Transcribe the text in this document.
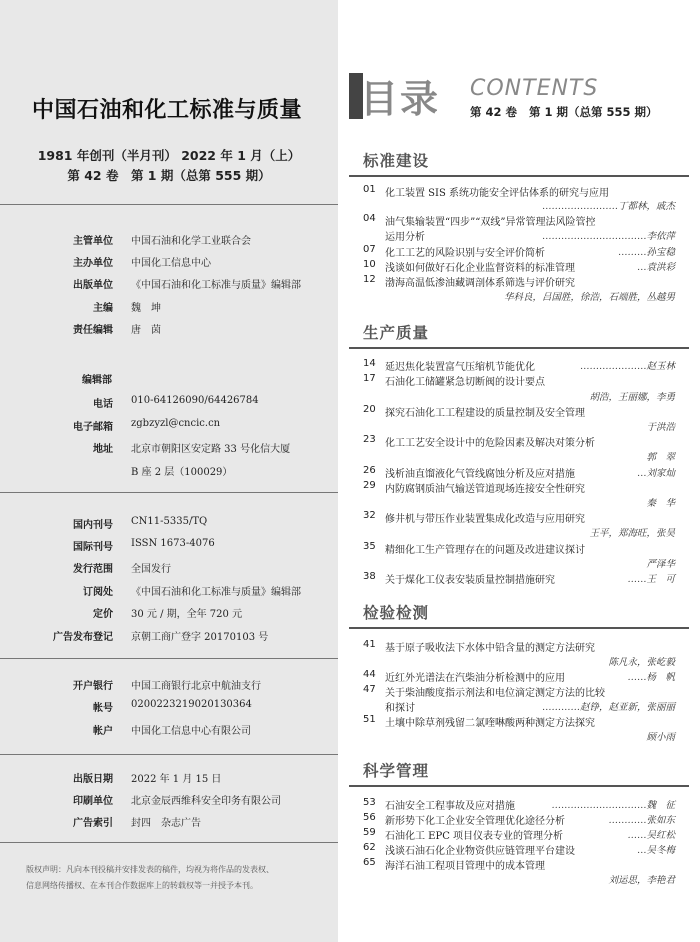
中国石油和化工标准与质量
1981 年创刊（半月刊） 2022 年 1 月（上）
第 42 卷　第 1 期（总第 555 期）
主管单位 中国石油和化学工业联合会
主办单位 中国化工信息中心
出版单位 《中国石油和化工标准与质量》编辑部
主编 魏　坤
责任编辑 唐　茵
编辑部
电话 010-64126090/64426784
电子邮箱 zgbzyzl@cncic.cn
地址 北京市朝阳区安定路 33 号化信大厦
B 座 2 层（100029）
国内刊号 CN11-5335/TQ
国际刊号 ISSN 1673-4076
发行范围 全国发行
订阅处 《中国石油和化工标准与质量》编辑部
定价 30 元 / 期，全年 720 元
广告发布登记 京朝工商广登字 20170103 号
开户银行 中国工商银行北京中航油支行
帐号 0200223219020130364
帐户 中国化工信息中心有限公司
出版日期 2022 年 1 月 15 日
印刷单位 北京金辰西维科安全印务有限公司
广告索引 封四　杂志广告
版权声明：凡向本刊投稿并安排发表的稿件，均视为将作品的发表权、
信息网络传播权、在本刊合作数据库上的转载权等一并授予本刊。
目录 CONTENTS
第 42 卷 第 1 期（总第 555 期）
标准建设
01 化工装置 SIS 系统功能安全评估体系的研究与应用
……………………丁都林，戚杰
04 油气集输装置“四步”“双线”异常管理法风险管控
运用分析	……………………………李依萍
07 化工工艺的风险识别与安全评价简析	………孙宝稳
10 浅谈如何做好石化企业监督资料的标准管理	…袁洪彩
12 渤海高温低渗油藏调剖体系筛选与评价研究
华科良，吕国胜，徐浩，石端胜，丛越男
生产质量
14 延迟焦化装置富气压缩机节能优化	…………………赵玉林
17 石油化工储罐紧急切断阀的设计要点
胡浩，王丽娜，李勇
20 探究石油化工工程建设的质量控制及安全管理
于洪浩
23 化工工艺安全设计中的危险因素及解决对策分析
郭　翠
26 浅析油直馏液化气管线腐蚀分析及应对措施	…刘家灿
29 内防腐钢质油气输送管道现场连接安全性研究
秦　华
32 修井机与带压作业装置集成化改造与应用研究
王平，郑海旺，张昊
35 精细化工生产管理存在的问题及改进建议探讨
严泽华
38 关于煤化工仪表安装质量控制措施研究	……王　可
检验检测
41 基于原子吸收法下水体中铅含量的测定方法研究
陈凡永，张屹毅
44 近红外光谱法在汽柴油分析检测中的应用	……杨　帆
47 关于柴油酸度指示剂法和电位滴定测定方法的比较
和探讨	…………赵铮，赵亚新，张丽丽
51 土壤中除草剂残留二氯喹啉酸两种测定方法探究
顾小雨
科学管理
53 石油安全工程事故及应对措施	…………………………魏　征
56 新形势下化工企业安全管理优化途径分析	…………张如东
59 石油化工 EPC 项目仪表专业的管理分析	……吴红松
62 浅谈石油石化企业物资供应链管理平台建设	…吴冬梅
65 海洋石油工程项目管理中的成本管理
刘运思，李艳君
